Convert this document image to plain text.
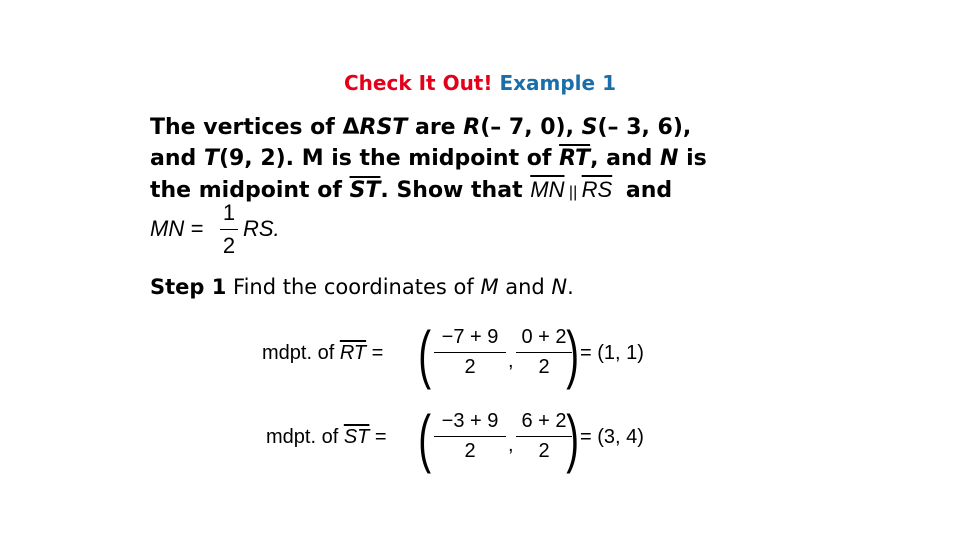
Check It Out! Example 1
The vertices of ΔRST are R(– 7, 0), S(– 3, 6),
and T(9, 2). M is the midpoint of $\overline{RT}$, and N is
the midpoint of $\overline{ST}$. Show that $\overline{MN}$ || $\overline{RS}$ and
MN =
1
2
RS.
Step 1 Find the coordinates of M and N.
mdpt. of $\overline{RT}$ = ( −7 + 9
2	,
0 + 2
2 ) = (1, 1)
mdpt. of $\overline{ST}$ = ( −3 + 9
2	,
6 + 2
2 ) = (3, 4)
